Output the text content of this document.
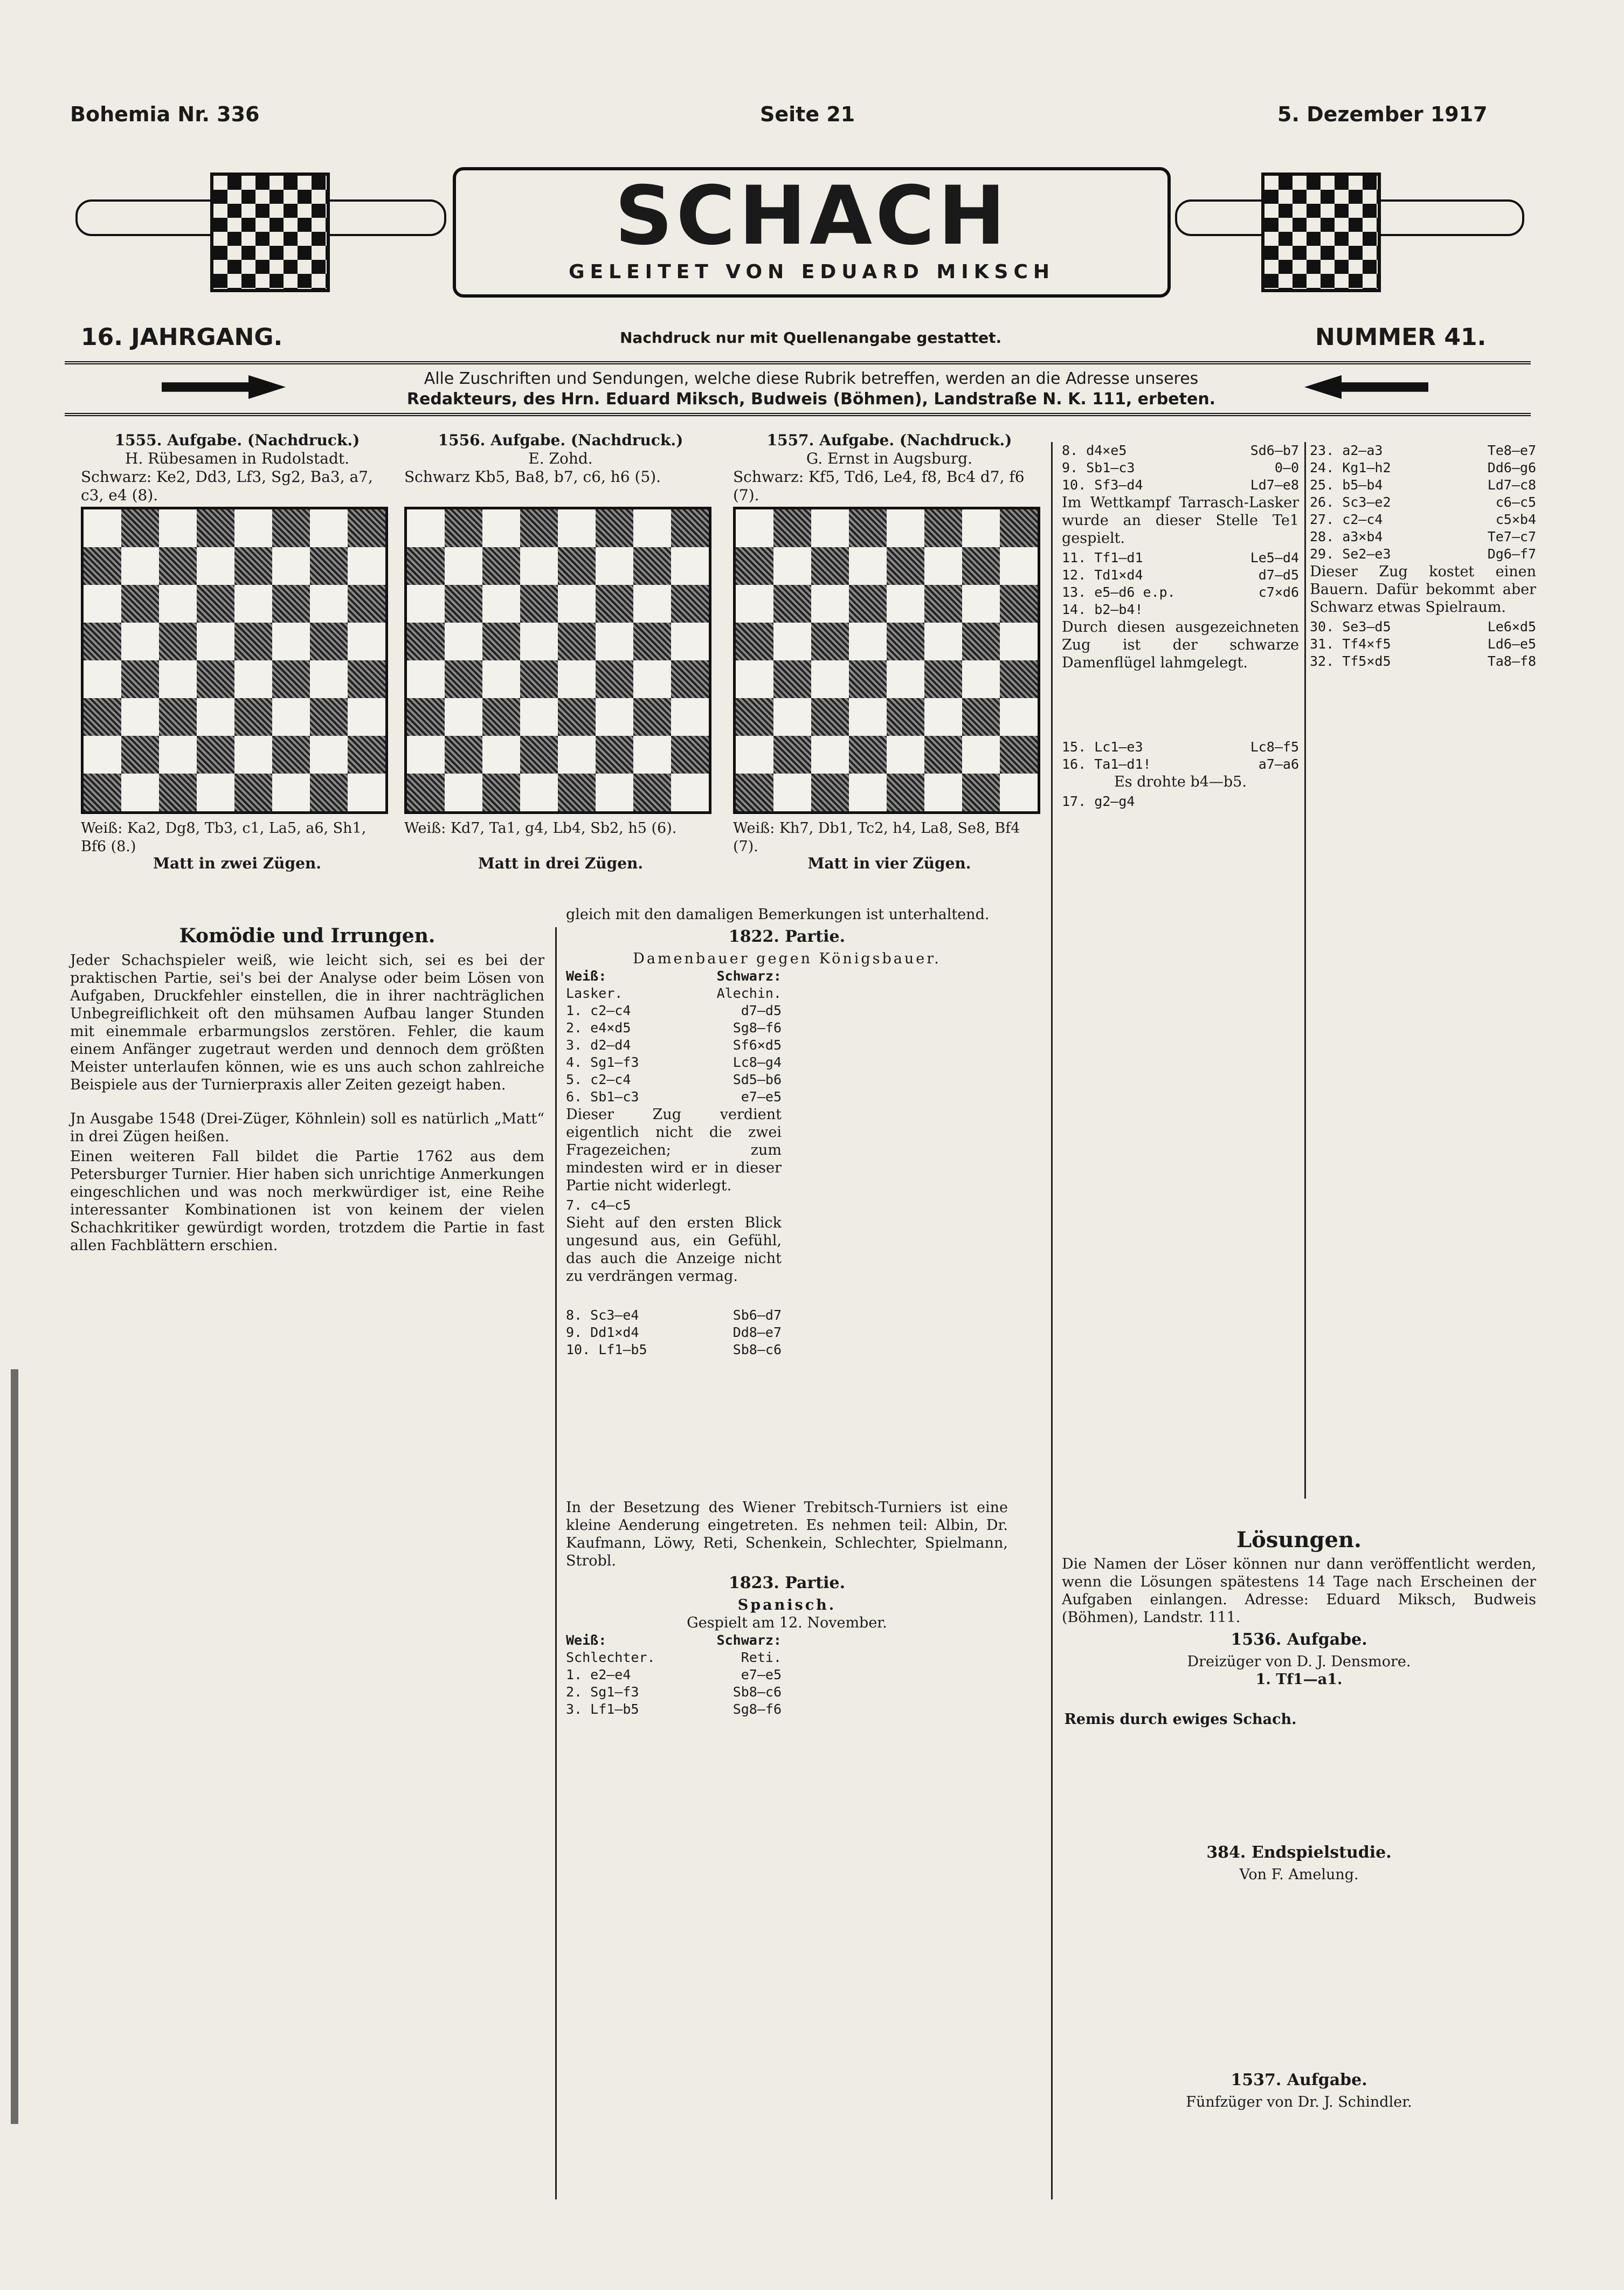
Bohemia Nr. 336	Seite 21	5. Dezember 1917
SCHACH
GELEITET VON EDUARD MIKSCH
16. JAHRGANG.	Nachdruck nur mit Quellenangabe gestattet.	NUMMER 41.
Alle Zuschriften und Sendungen, welche diese Rubrik betreffen, werden an die Adresse unseres
Redakteurs, des Hrn. Eduard Miksch, Budweis (Böhmen), Landstraße N. K. 111, erbeten.
1555. Aufgabe. (Nachdruck.)
H. Rübesamen in Rudolstadt.
Schwarz: Ke2, Dd3, Lf3, Sg2, Ba3, a7, c3, e4 (8).
Weiß: Ka2, Dg8, Tb3, c1, La5, a6, Sh1, Bf6 (8.)
Matt in zwei Zügen.
1556. Aufgabe. (Nachdruck.)
E. Zohd.
Schwarz Kb5, Ba8, b7, c6, h6 (5).
Weiß: Kd7, Ta1, g4, Lb4, Sb2, h5 (6).
Matt in drei Zügen.
1557. Aufgabe. (Nachdruck.)
G. Ernst in Augsburg.
Schwarz: Kf5, Td6, Le4, f8, Bc4 d7, f6 (7).
Weiß: Kh7, Db1, Tc2, h4, La8, Se8, Bf4 (7).
Matt in vier Zügen.
Komödie und Irrungen.

Jeder Schachspieler weiß, wie leicht sich, sei es bei der praktischen Partie, sei's bei der Analyse oder beim Lösen von Aufgaben, Druckfehler einstellen, die in ihrer nachträglichen Unbegreiflichkeit oft den mühsamen Aufbau langer Stunden mit einemmale erbarmungslos zerstören. Fehler, die kaum einem Anfänger zugetraut werden und dennoch dem größten Meister unterlaufen können, wie es uns auch schon zahlreiche Beispiele aus der Turnierpraxis aller Zeiten gezeigt haben.

Jn Ausgabe 1548 (Drei-Züger, Köhnlein) soll es natürlich „Matt“ in drei Zügen heißen.

Einen weiteren Fall bildet die Partie 1762 aus dem Petersburger Turnier. Hier haben sich unrichtige Anmerkungen eingeschlichen und was noch merkwürdiger ist, eine Reihe interessanter Kombinationen ist von keinem der vielen Schachkritiker gewürdigt worden, trotzdem die Partie in fast allen Fachblättern erschien.

gleich mit den damaligen Bemerkungen ist unterhaltend.

1822. Partie.
Damenbauer gegen Königsbauer.
Weiß:	Schwarz:
Lasker.	Alechin.
1. c2—c4	d7—d5
2. e4×d5	Sg8—f6
3. d2—d4	Sf6×d5
4. Sg1—f3	Lc8—g4
5. c2—c4	Sd5—b6
6. Sb1—c3	e7—e5

Dieser Zug verdient eigentlich nicht die zwei Fragezeichen; zum mindesten wird er in dieser Partie nicht widerlegt.

7. c4—c5

Sieht auf den ersten Blick ungesund aus, ein Gefühl, das auch die Anzeige nicht zu verdrängen vermag.

8. Sc3—e4	Sb6—d7
9. Dd1×d4	Dd8—e7
10. Lf1—b5	Sb8—c6

In der Besetzung des Wiener Trebitsch-Turniers ist eine kleine Aenderung eingetreten. Es nehmen teil: Albin, Dr. Kaufmann, Löwy, Reti, Schenkein, Schlechter, Spielmann, Strobl.

1823. Partie.
Spanisch.
Gespielt am 12. November.
Weiß:	Schwarz:
Schlechter.	Reti.
1. e2—e4	e7—e5
2. Sg1—f3	Sb8—c6
3. Lf1—b5	Sg8—f6
8. d4×e5	Sd6—b7
9. Sb1—c3	0—0
10. Sf3—d4	Ld7—e8

Im Wettkampf Tarrasch-Lasker wurde an dieser Stelle Te1 gespielt.

11. Tf1—d1	Le5—d4
12. Td1×d4	d7—d5
13. e5—d6 e.p.	c7×d6
14. b2—b4!

Durch diesen ausgezeichneten Zug ist der schwarze Damenflügel lahmgelegt.

15. Lc1—e3	Lc8—f5
16. Ta1—d1!	a7—a6

Es drohte b4—b5.

17. g2—g4

Remis durch ewiges Schach.

23. a2—a3	Te8—e7
24. Kg1—h2	Dd6—g6
25. b5—b4	Ld7—c8
26. Sc3—e2	c6—c5
27. c2—c4	c5×b4
28. a3×b4	Te7—c7
29. Se2—e3	Dg6—f7

Dieser Zug kostet einen Bauern. Dafür bekommt aber Schwarz etwas Spielraum.

30. Se3—d5	Le6×d5
31. Tf4×f5	Ld6—e5
32. Tf5×d5	Ta8—f8
Lösungen.

Die Namen der Löser können nur dann veröffentlicht werden, wenn die Lösungen spätestens 14 Tage nach Erscheinen der Aufgaben einlangen. Adresse: Eduard Miksch, Budweis (Böhmen), Landstr. 111.

1536. Aufgabe.
Dreizüger von D. J. Densmore.
1. Tf1—a1.
384. Endspielstudie.
Von F. Amelung.
1537. Aufgabe.
Fünfzüger von Dr. J. Schindler.
